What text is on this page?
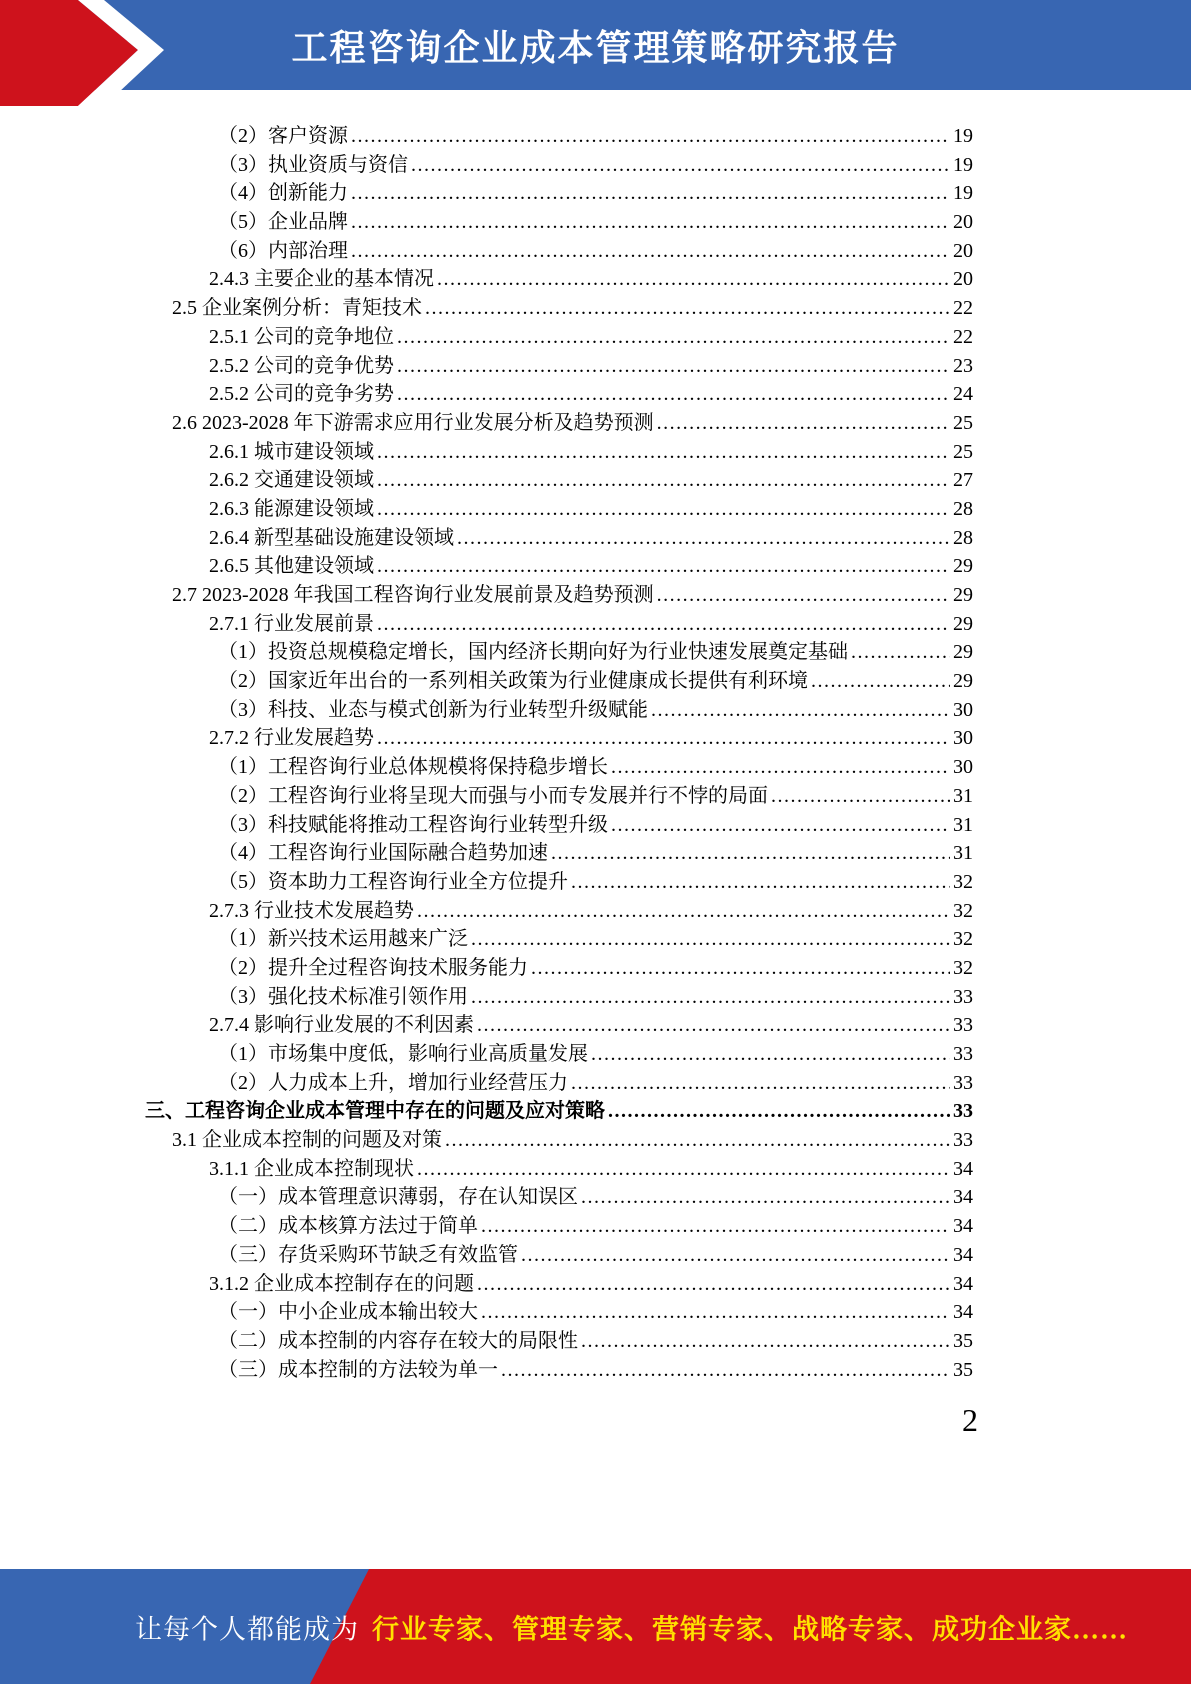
工程咨询企业成本管理策略研究报告
（2）客户资源 .....	19
（3）执业资质与资信 .....	19
（4）创新能力 .....	19
（5）企业品牌 .....	20
（6）内部治理 .....	20
2.4.3 主要企业的基本情况 .....	20
2.5 企业案例分析：青矩技术 .....	22
2.5.1 公司的竞争地位 .....	22
2.5.2 公司的竞争优势 .....	23
2.5.2 公司的竞争劣势 .....	24
2.6 2023-2028 年下游需求应用行业发展分析及趋势预测 .....	25
2.6.1 城市建设领域 .....	25
2.6.2 交通建设领域 .....	27
2.6.3 能源建设领域 .....	28
2.6.4 新型基础设施建设领域 .....	28
2.6.5 其他建设领域 .....	29
2.7 2023-2028 年我国工程咨询行业发展前景及趋势预测 .....	29
2.7.1 行业发展前景 .....	29
（1）投资总规模稳定增长，国内经济长期向好为行业快速发展奠定基础 .....	29
（2）国家近年出台的一系列相关政策为行业健康成长提供有利环境 .....	29
（3）科技、业态与模式创新为行业转型升级赋能 .....	30
2.7.2 行业发展趋势 .....	30
（1）工程咨询行业总体规模将保持稳步增长 .....	30
（2）工程咨询行业将呈现大而强与小而专发展并行不悖的局面 .....	31
（3）科技赋能将推动工程咨询行业转型升级 .....	31
（4）工程咨询行业国际融合趋势加速 .....	31
（5）资本助力工程咨询行业全方位提升 .....	32
2.7.3 行业技术发展趋势 .....	32
（1）新兴技术运用越来广泛 .....	32
（2）提升全过程咨询技术服务能力 .....	32
（3）强化技术标准引领作用 .....	33
2.7.4 影响行业发展的不利因素 .....	33
（1）市场集中度低，影响行业高质量发展 .....	33
（2）人力成本上升，增加行业经营压力 .....	33
三、工程咨询企业成本管理中存在的问题及应对策略 .....	33
3.1 企业成本控制的问题及对策 .....	33
3.1.1 企业成本控制现状 .....	34
（一）成本管理意识薄弱，存在认知误区 .....	34
（二）成本核算方法过于简单 .....	34
（三）存货采购环节缺乏有效监管 .....	34
3.1.2 企业成本控制存在的问题 .....	34
（一）中小企业成本输出较大 .....	34
（二）成本控制的内容存在较大的局限性 .....	35
（三）成本控制的方法较为单一 .....	35
2
让每个人都能成为 行业专家、管理专家、营销专家、战略专家、成功企业家……
